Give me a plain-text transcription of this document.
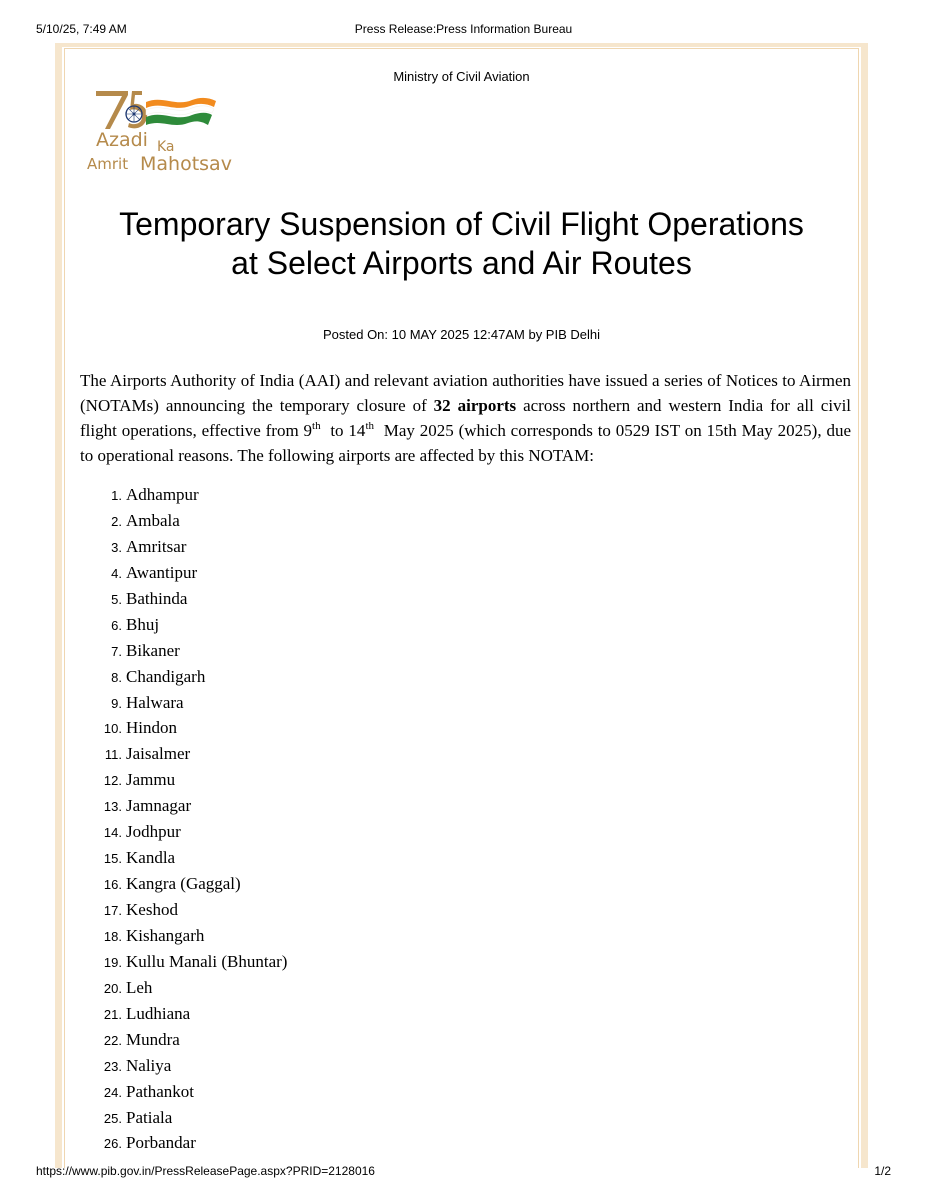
5/10/25, 7:49 AM	Press Release:Press Information Bureau
Ministry of Civil Aviation
Azadi Ka
Amrit Mahotsav
Temporary Suspension of Civil Flight Operations
at Select Airports and Air Routes
Posted On: 10 MAY 2025 12:47AM by PIB Delhi

The Airports Authority of India (AAI) and relevant aviation authorities have issued a series of Notices to Airmen (NOTAMs) announcing the temporary closure of 32 airports across northern and western India for all civil flight operations, effective from 9th  to 14th  May 2025 (which corresponds to 0529 IST on 15th May 2025), due to operational reasons. The following airports are affected by this NOTAM:

1. Adhampur
2. Ambala
3. Amritsar
4. Awantipur
5. Bathinda
6. Bhuj
7. Bikaner
8. Chandigarh
9. Halwara
10. Hindon
11. Jaisalmer
12. Jammu
13. Jamnagar
14. Jodhpur
15. Kandla
16. Kangra (Gaggal)
17. Keshod
18. Kishangarh
19. Kullu Manali (Bhuntar)
20. Leh
21. Ludhiana
22. Mundra
23. Naliya
24. Pathankot
25. Patiala
26. Porbandar
https://www.pib.gov.in/PressReleasePage.aspx?PRID=2128016	1/2
